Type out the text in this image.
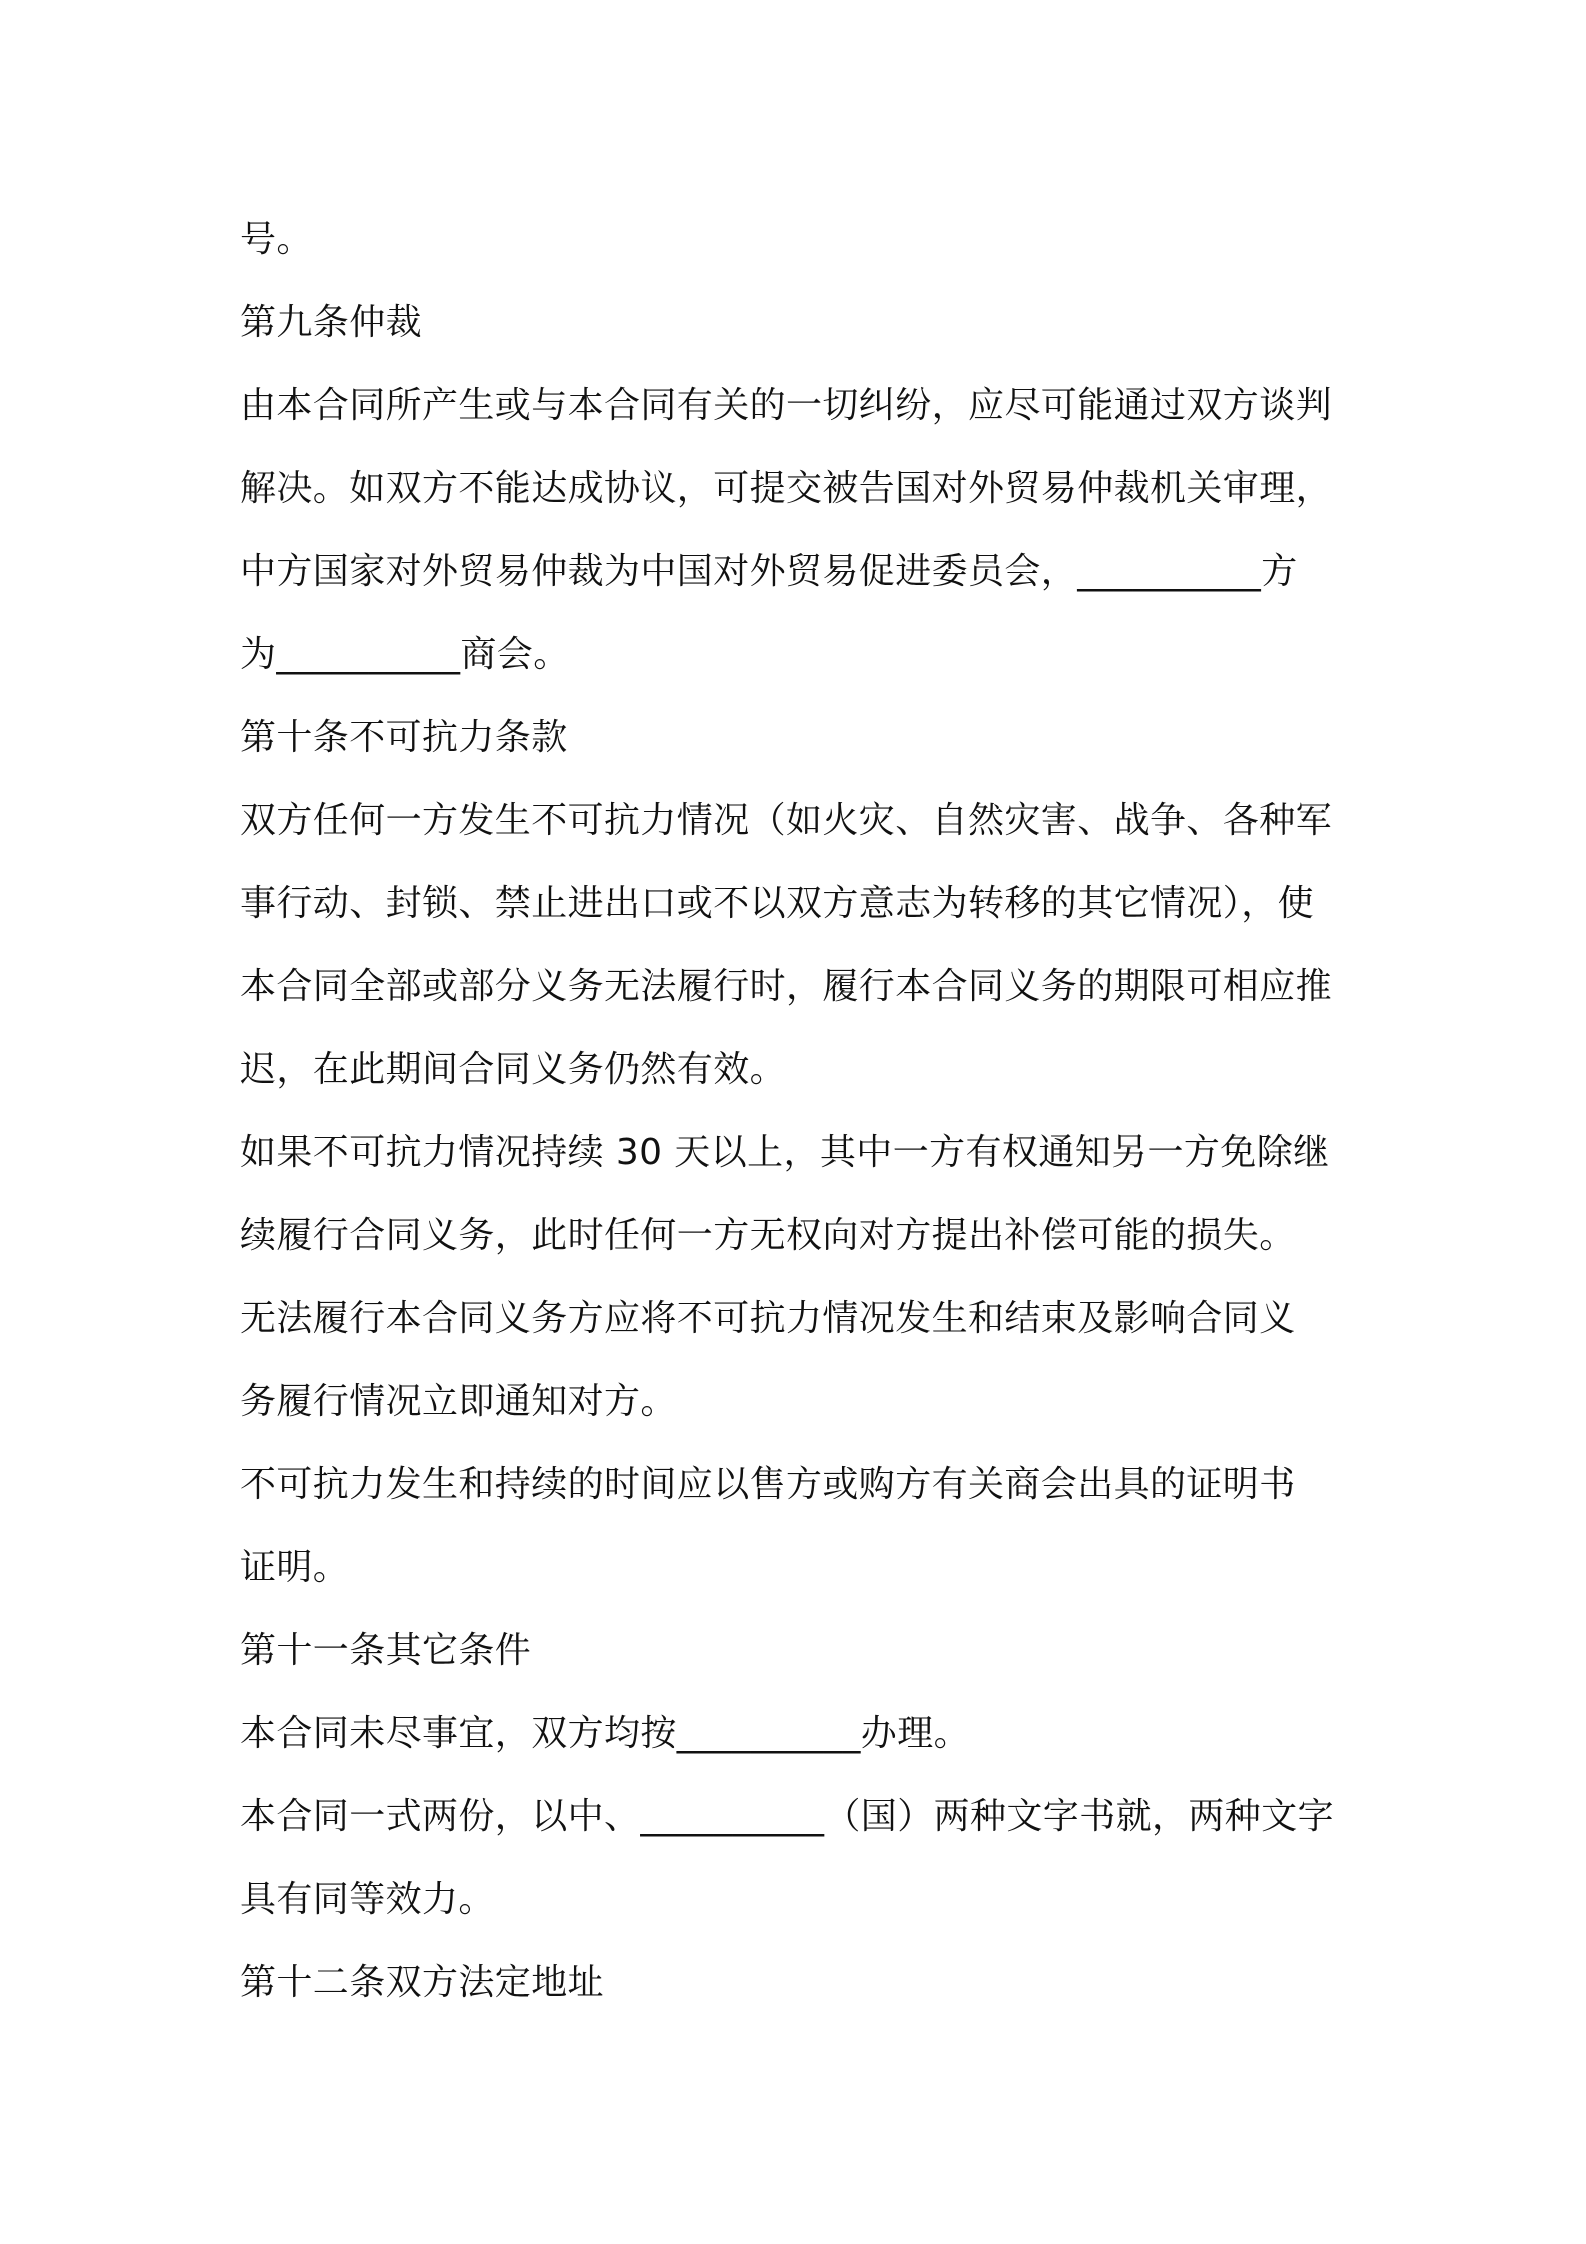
号。

第九条仲裁

由本合同所产生或与本合同有关的一切纠纷，应尽可能通过双方谈判

解决。如双方不能达成协议，可提交被告国对外贸易仲裁机关审理，

中方国家对外贸易仲裁为中国对外贸易促进委员会，__________方

为__________商会。

第十条不可抗力条款

双方任何一方发生不可抗力情况（如火灾、自然灾害、战争、各种军

事行动、封锁、禁止进出口或不以双方意志为转移的其它情况），使

本合同全部或部分义务无法履行时，履行本合同义务的期限可相应推

迟，在此期间合同义务仍然有效。

如果不可抗力情况持续 30 天以上，其中一方有权通知另一方免除继

续履行合同义务，此时任何一方无权向对方提出补偿可能的损失。

无法履行本合同义务方应将不可抗力情况发生和结束及影响合同义

务履行情况立即通知对方。

不可抗力发生和持续的时间应以售方或购方有关商会出具的证明书

证明。

第十一条其它条件

本合同未尽事宜，双方均按__________办理。

本合同一式两份，以中、__________（国）两种文字书就，两种文字

具有同等效力。

第十二条双方法定地址
